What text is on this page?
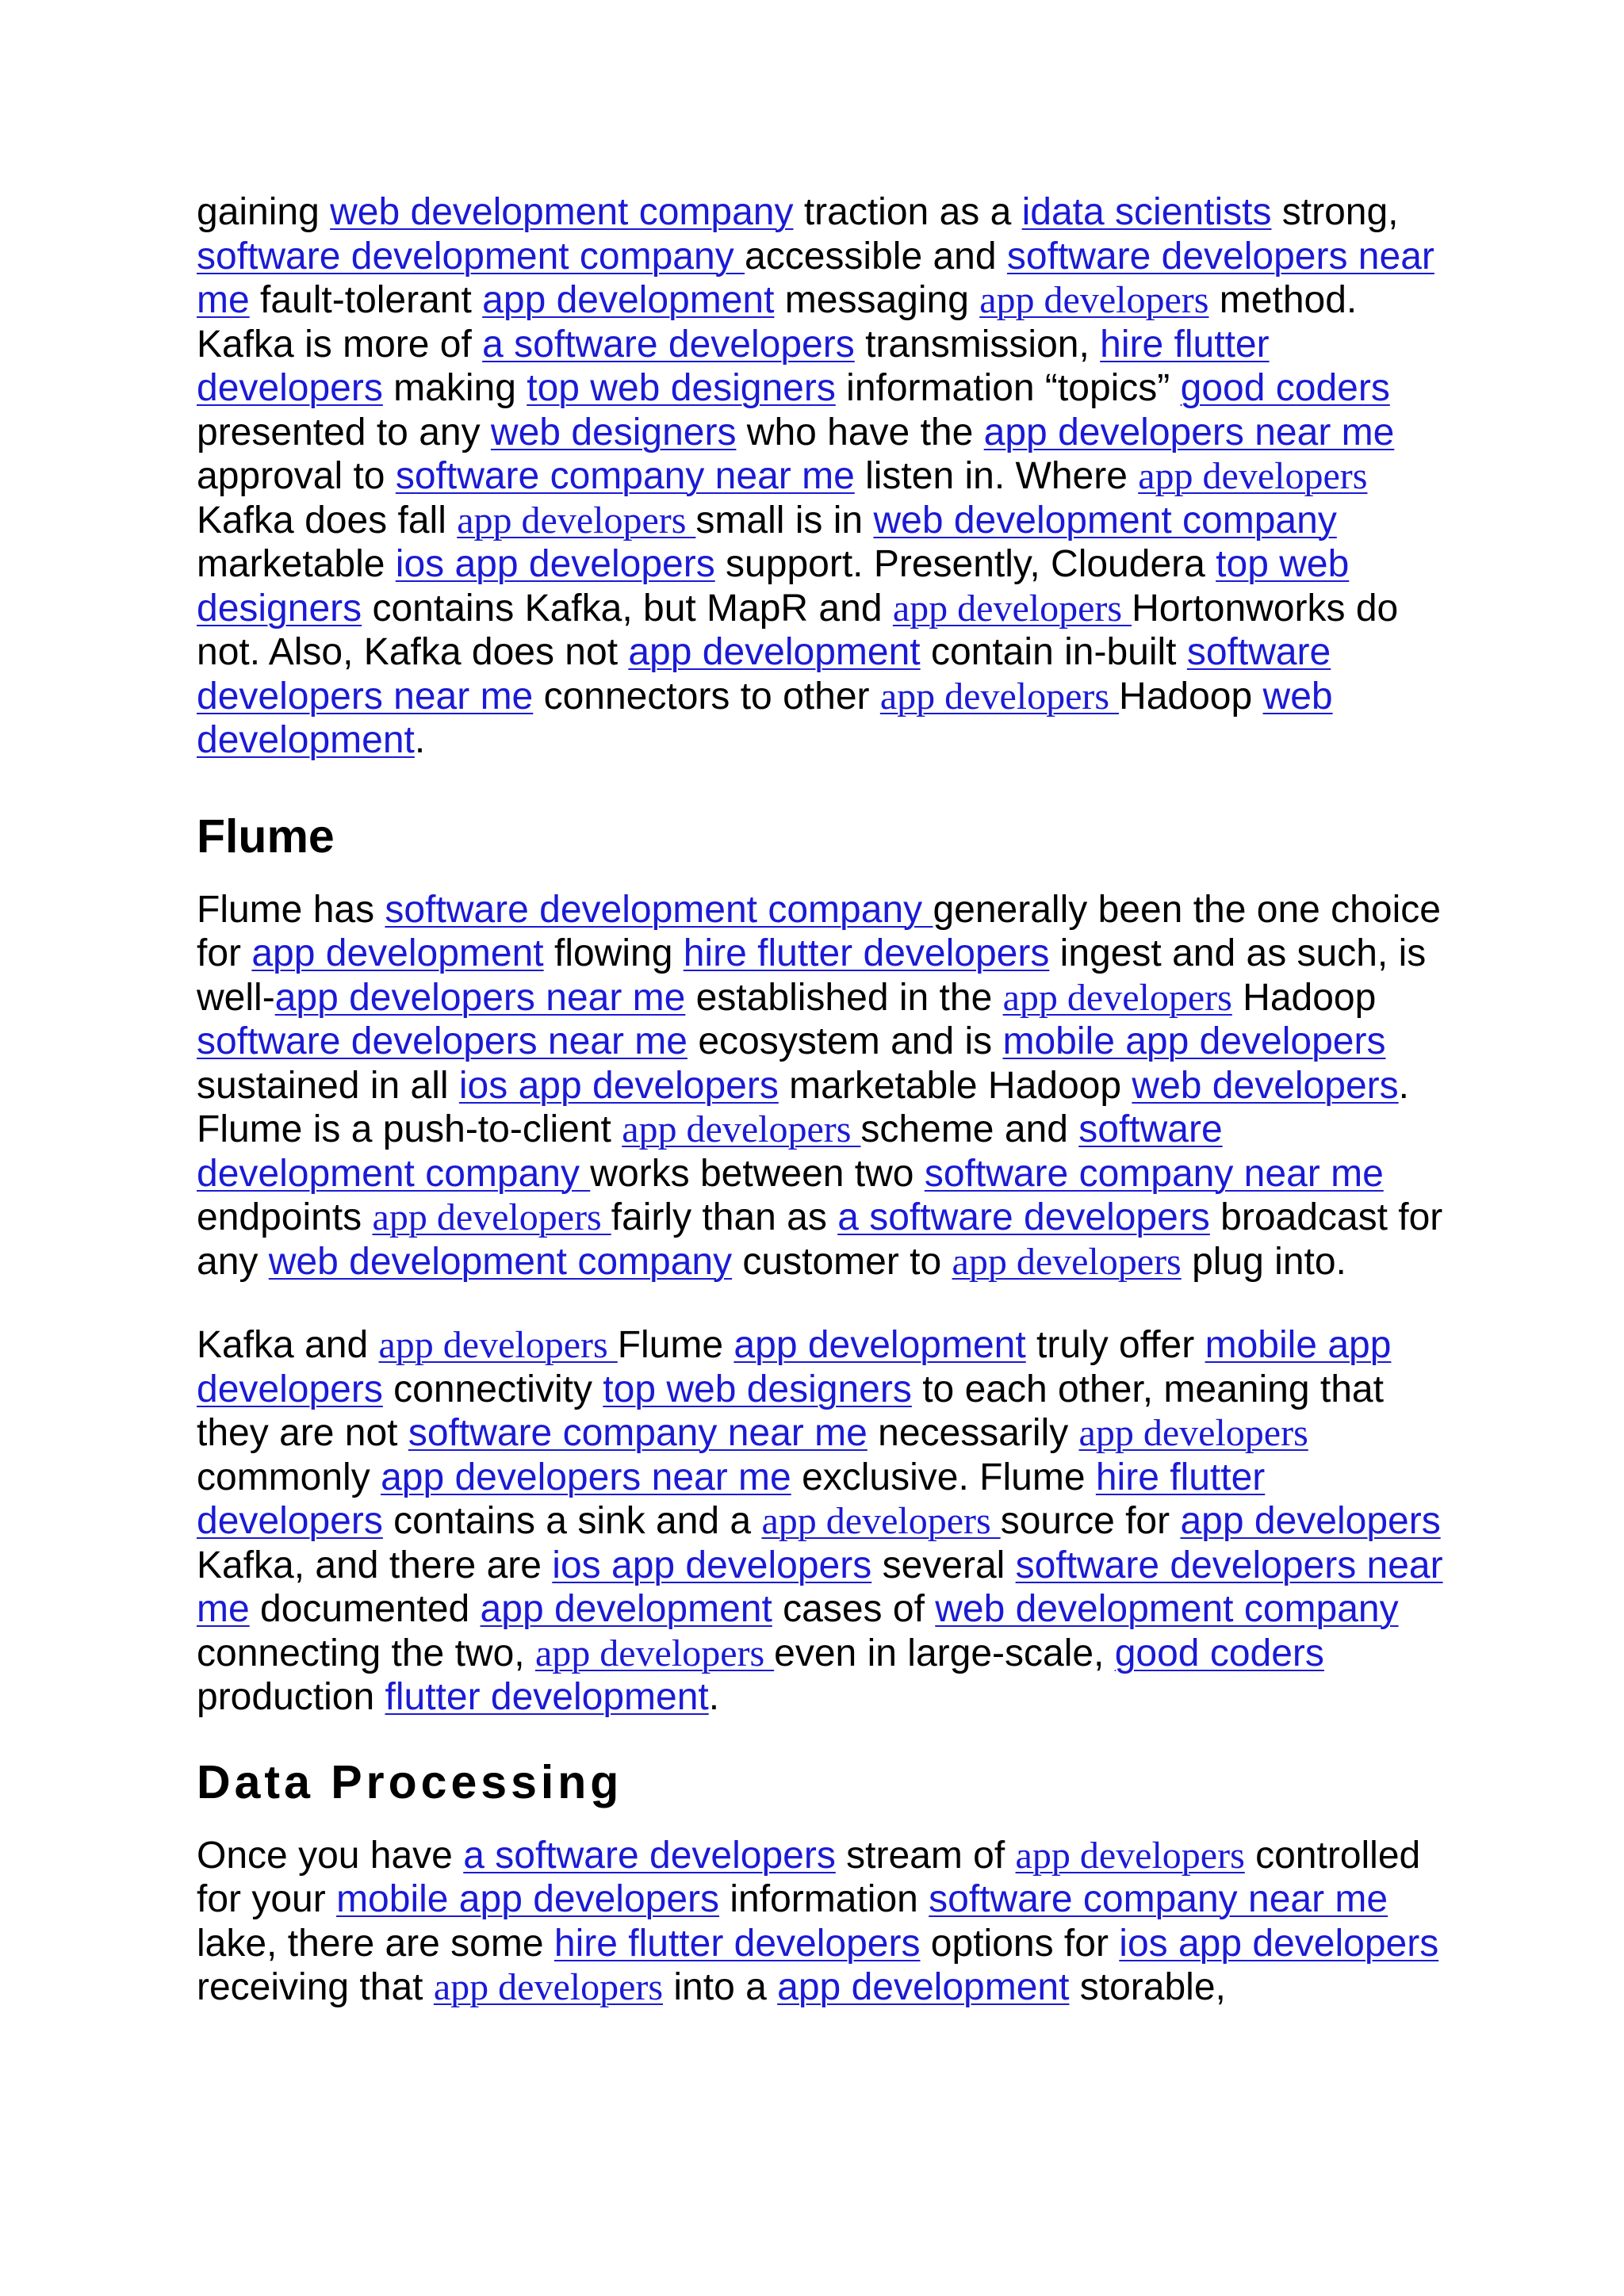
gaining web development company traction as a idata scientists strong, software development company accessible and software developers near me fault-tolerant app development messaging app developers method. Kafka is more of a software developers transmission, hire flutter developers making top web designers information “topics” good coders presented to any web designers who have the app developers near me approval to software company near me listen in. Where app developers Kafka does fall app developers small is in web development company marketable ios app developers support. Presently, Cloudera top web designers contains Kafka, but MapR and app developers Hortonworks do not. Also, Kafka does not app development contain in-built software developers near me connectors to other app developers Hadoop web development.

Flume

Flume has software development company generally been the one choice for app development flowing hire flutter developers ingest and as such, is well-app developers near me established in the app developers Hadoop software developers near me ecosystem and is mobile app developers sustained in all ios app developers marketable Hadoop web developers. Flume is a push-to-client app developers scheme and software development company works between two software company near me endpoints app developers fairly than as a software developers broadcast for any web development company customer to app developers plug into.

Kafka and app developers Flume app development truly offer mobile app developers connectivity top web designers to each other, meaning that they are not software company near me necessarily app developers commonly app developers near me exclusive. Flume hire flutter developers contains a sink and a app developers source for app developers Kafka, and there are ios app developers several software developers near me documented app development cases of web development company connecting the two, app developers even in large-scale, good coders production flutter development.

Data Processing

Once you have a software developers stream of app developers controlled for your mobile app developers information software company near me lake, there are some hire flutter developers options for ios app developers receiving that app developers into a app development storable,
